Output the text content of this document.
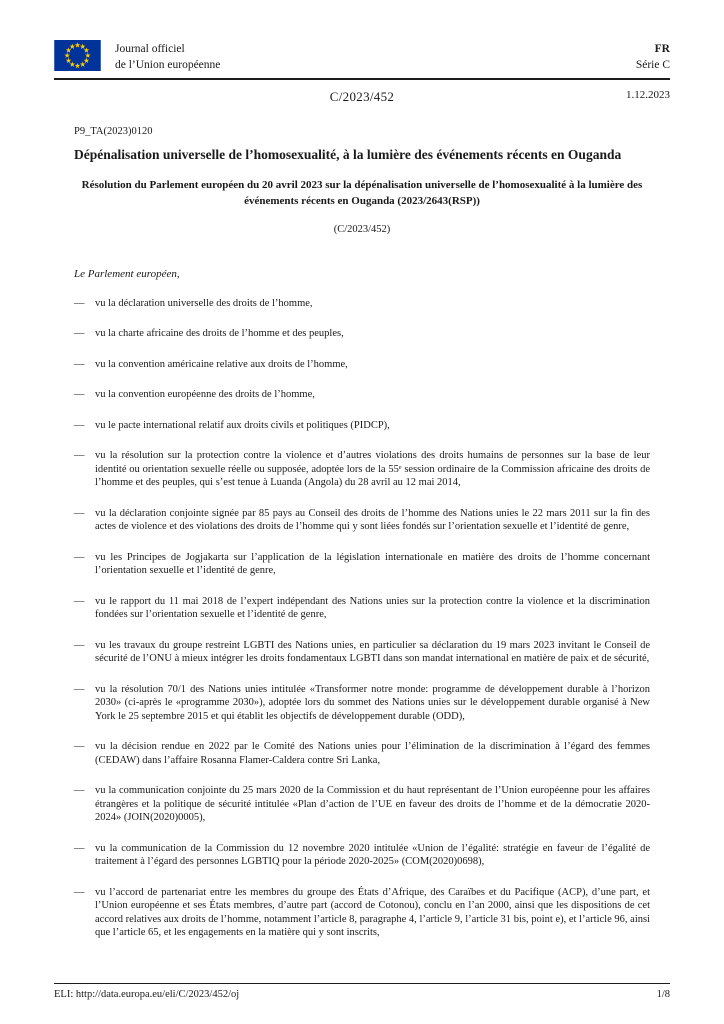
Journal officiel
de l’Union européenne
FR
Série C
C/2023/452	1.12.2023
P9_TA(2023)0120
Dépénalisation universelle de l’homosexualité, à la lumière des événements récents en Ouganda
Résolution du Parlement européen du 20 avril 2023 sur la dépénalisation universelle de l’homosexualité à la lumière des événements récents en Ouganda (2023/2643(RSP))
(C/2023/452)
Le Parlement européen,
—	vu la déclaration universelle des droits de l’homme,
—	vu la charte africaine des droits de l’homme et des peuples,
—	vu la convention américaine relative aux droits de l’homme,
—	vu la convention européenne des droits de l’homme,
—	vu le pacte international relatif aux droits civils et politiques (PIDCP),
—	vu la résolution sur la protection contre la violence et d’autres violations des droits humains de personnes sur la base de leur identité ou orientation sexuelle réelle ou supposée, adoptée lors de la 55ᵉ session ordinaire de la Commission africaine des droits de l’homme et des peuples, qui s’est tenue à Luanda (Angola) du 28 avril au 12 mai 2014,
—	vu la déclaration conjointe signée par 85 pays au Conseil des droits de l’homme des Nations unies le 22 mars 2011 sur la fin des actes de violence et des violations des droits de l’homme qui y sont liées fondés sur l’orientation sexuelle et l’identité de genre,
—	vu les Principes de Jogjakarta sur l’application de la législation internationale en matière des droits de l’homme concernant l’orientation sexuelle et l’identité de genre,
—	vu le rapport du 11 mai 2018 de l’expert indépendant des Nations unies sur la protection contre la violence et la discrimination fondées sur l’orientation sexuelle et l’identité de genre,
—	vu les travaux du groupe restreint LGBTI des Nations unies, en particulier sa déclaration du 19 mars 2023 invitant le Conseil de sécurité de l’ONU à mieux intégrer les droits fondamentaux LGBTI dans son mandat international en matière de paix et de sécurité,
—	vu la résolution 70/1 des Nations unies intitulée «Transformer notre monde: programme de développement durable à l’horizon 2030» (ci-après le «programme 2030»), adoptée lors du sommet des Nations unies sur le développement durable organisé à New York le 25 septembre 2015 et qui établit les objectifs de développement durable (ODD),
—	vu la décision rendue en 2022 par le Comité des Nations unies pour l’élimination de la discrimination à l’égard des femmes (CEDAW) dans l’affaire Rosanna Flamer-Caldera contre Sri Lanka,
—	vu la communication conjointe du 25 mars 2020 de la Commission et du haut représentant de l’Union européenne pour les affaires étrangères et la politique de sécurité intitulée «Plan d’action de l’UE en faveur des droits de l’homme et de la démocratie 2020-2024» (JOIN(2020)0005),
—	vu la communication de la Commission du 12 novembre 2020 intitulée «Union de l’égalité: stratégie en faveur de l’égalité de traitement à l’égard des personnes LGBTIQ pour la période 2020-2025» (COM(2020)0698),
—	vu l’accord de partenariat entre les membres du groupe des États d’Afrique, des Caraïbes et du Pacifique (ACP), d’une part, et l’Union européenne et ses États membres, d’autre part (accord de Cotonou), conclu en l’an 2000, ainsi que les dispositions de cet accord relatives aux droits de l’homme, notamment l’article 8, paragraphe 4, l’article 9, l’article 31 bis, point e), et l’article 96, ainsi que l’article 65, et les engagements en la matière qui y sont inscrits,
ELI: http://data.europa.eu/eli/C/2023/452/oj	1/8
